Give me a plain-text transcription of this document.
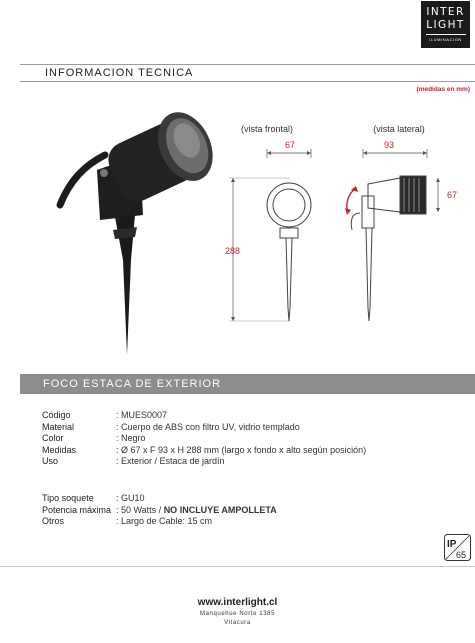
INTER
LIGHT
ILUMINACION
INFORMACION TECNICA
(medidas en mm)
(vista frontal)
67
288
(vista lateral)
93
67
FOCO ESTACA DE EXTERIOR
Código	: MUES0007
Material	: Cuerpo de ABS con filtro UV, vidrio templado
Color	: Negro
Medidas	: Ø 67 x F 93 x H 288 mm (largo x fondo x alto según posición)
Uso	: Exterior / Estaca de jardín
Tipo soquete	: GU10
Potencia máxima : 50 Watts / NO INCLUYE AMPOLLETA
Otros	: Largo de Cable: 15 cm
IP
65
www.interlight.cl
Manquehue Norte 1385
Vitacura
